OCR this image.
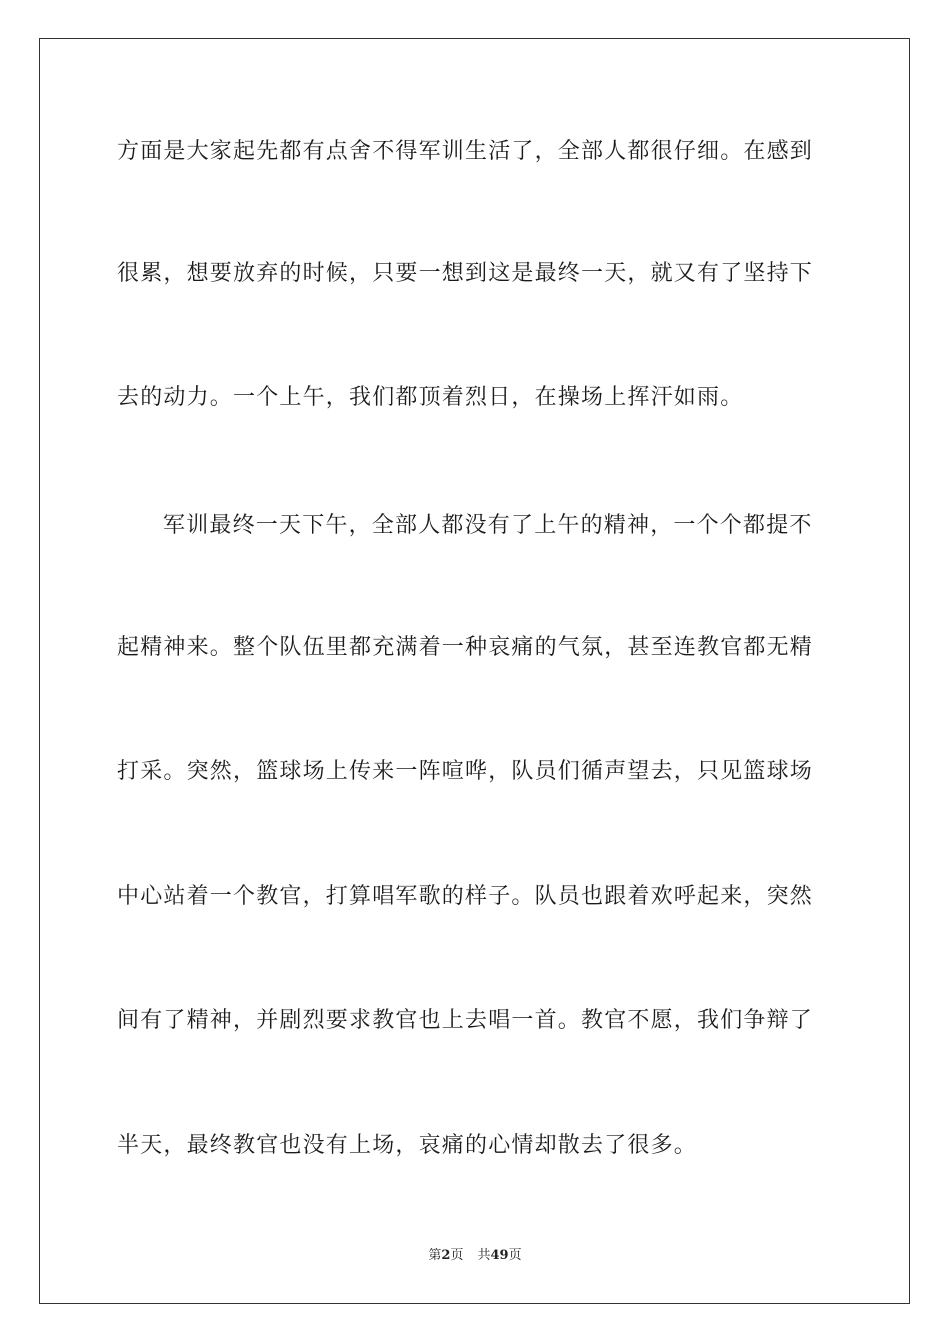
方面是大家起先都有点舍不得军训生活了，全部人都很仔细。在感到
很累，想要放弃的时候，只要一想到这是最终一天，就又有了坚持下
去的动力。一个上午，我们都顶着烈日，在操场上挥汗如雨。
军训最终一天下午，全部人都没有了上午的精神，一个个都提不
起精神来。整个队伍里都充满着一种哀痛的气氛，甚至连教官都无精
打采。突然，篮球场上传来一阵喧哗，队员们循声望去，只见篮球场
中心站着一个教官，打算唱军歌的样子。队员也跟着欢呼起来，突然
间有了精神，并剧烈要求教官也上去唱一首。教官不愿，我们争辩了
半天，最终教官也没有上场，哀痛的心情却散去了很多。
第2页 共49页
